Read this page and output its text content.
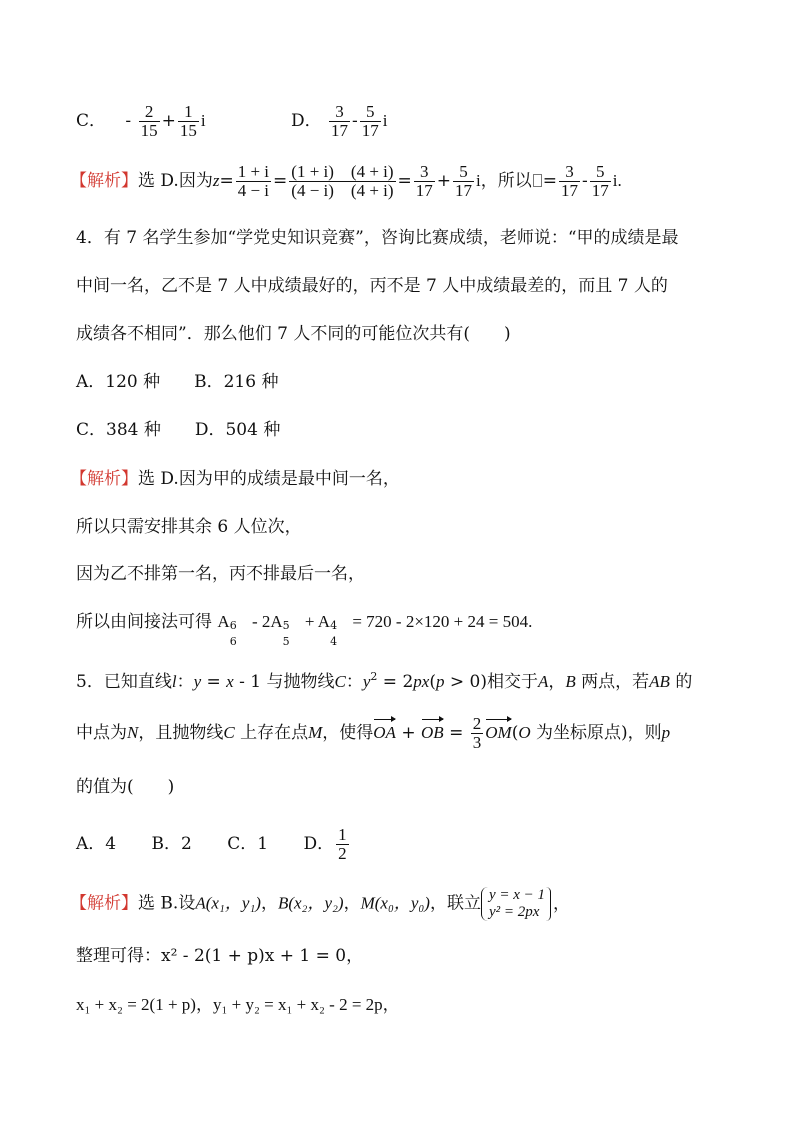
C． - $\frac{2}{15} + \frac{1}{15}$ i	D． $\frac{3}{17} - \frac{5}{17}$ i
【解析】选 D.因为$z= \frac{1 + i}{4 - i} = \frac{(1 + i) (4 + i)}{(4 - i) (4 + i)} = \frac{3}{17} + \frac{5}{17}$ i，所以 = $\frac{3}{17} - \frac{5}{17} i$.
4．有 7 名学生参加“学党史知识竞赛”，咨询比赛成绩，老师说：“甲的成绩是最
中间一名，乙不是 7 人中成绩最好的，丙不是 7 人中成绩最差的，而且 7 人的
成绩各不相同”．那么他们 7 人不同的可能位次共有(　　)
A．120 种　　B．216 种
C．384 种　　D．504 种
【解析】选 D.因为甲的成绩是最中间一名，
所以只需安排其余 6 人位次，
因为乙不排第一名，丙不排最后一名，
所以由间接法可得 A 6
6
- 2A 5
5
+ A 4
4
= 720 - 2×120 + 24 = 504.
5．已知直线l：y = x - 1 与抛物线C：$y^2 = 2px(p > 0)$相交于A，B 两点，若AB 的
中点为N，且抛物线C 上存在点M，使得OA + OB = $\frac{2}{3} OM(O$ 为坐标原点)，则p
的值为(　　)
A．4 B．2 C．1 D． $\frac{1}{2}$
【解析】选 B.设A(x₁，y₁)，B(x₂，y₂)，M(x₀，y₀)，联立 y = x − 1
y² = 2px ，
整理可得：x² - 2(1 + p)x + 1 = 0，
x₁ + x₂ = 2(1 + p)，y₁ + y₂ = x₁ + x₂ - 2 = 2p，
